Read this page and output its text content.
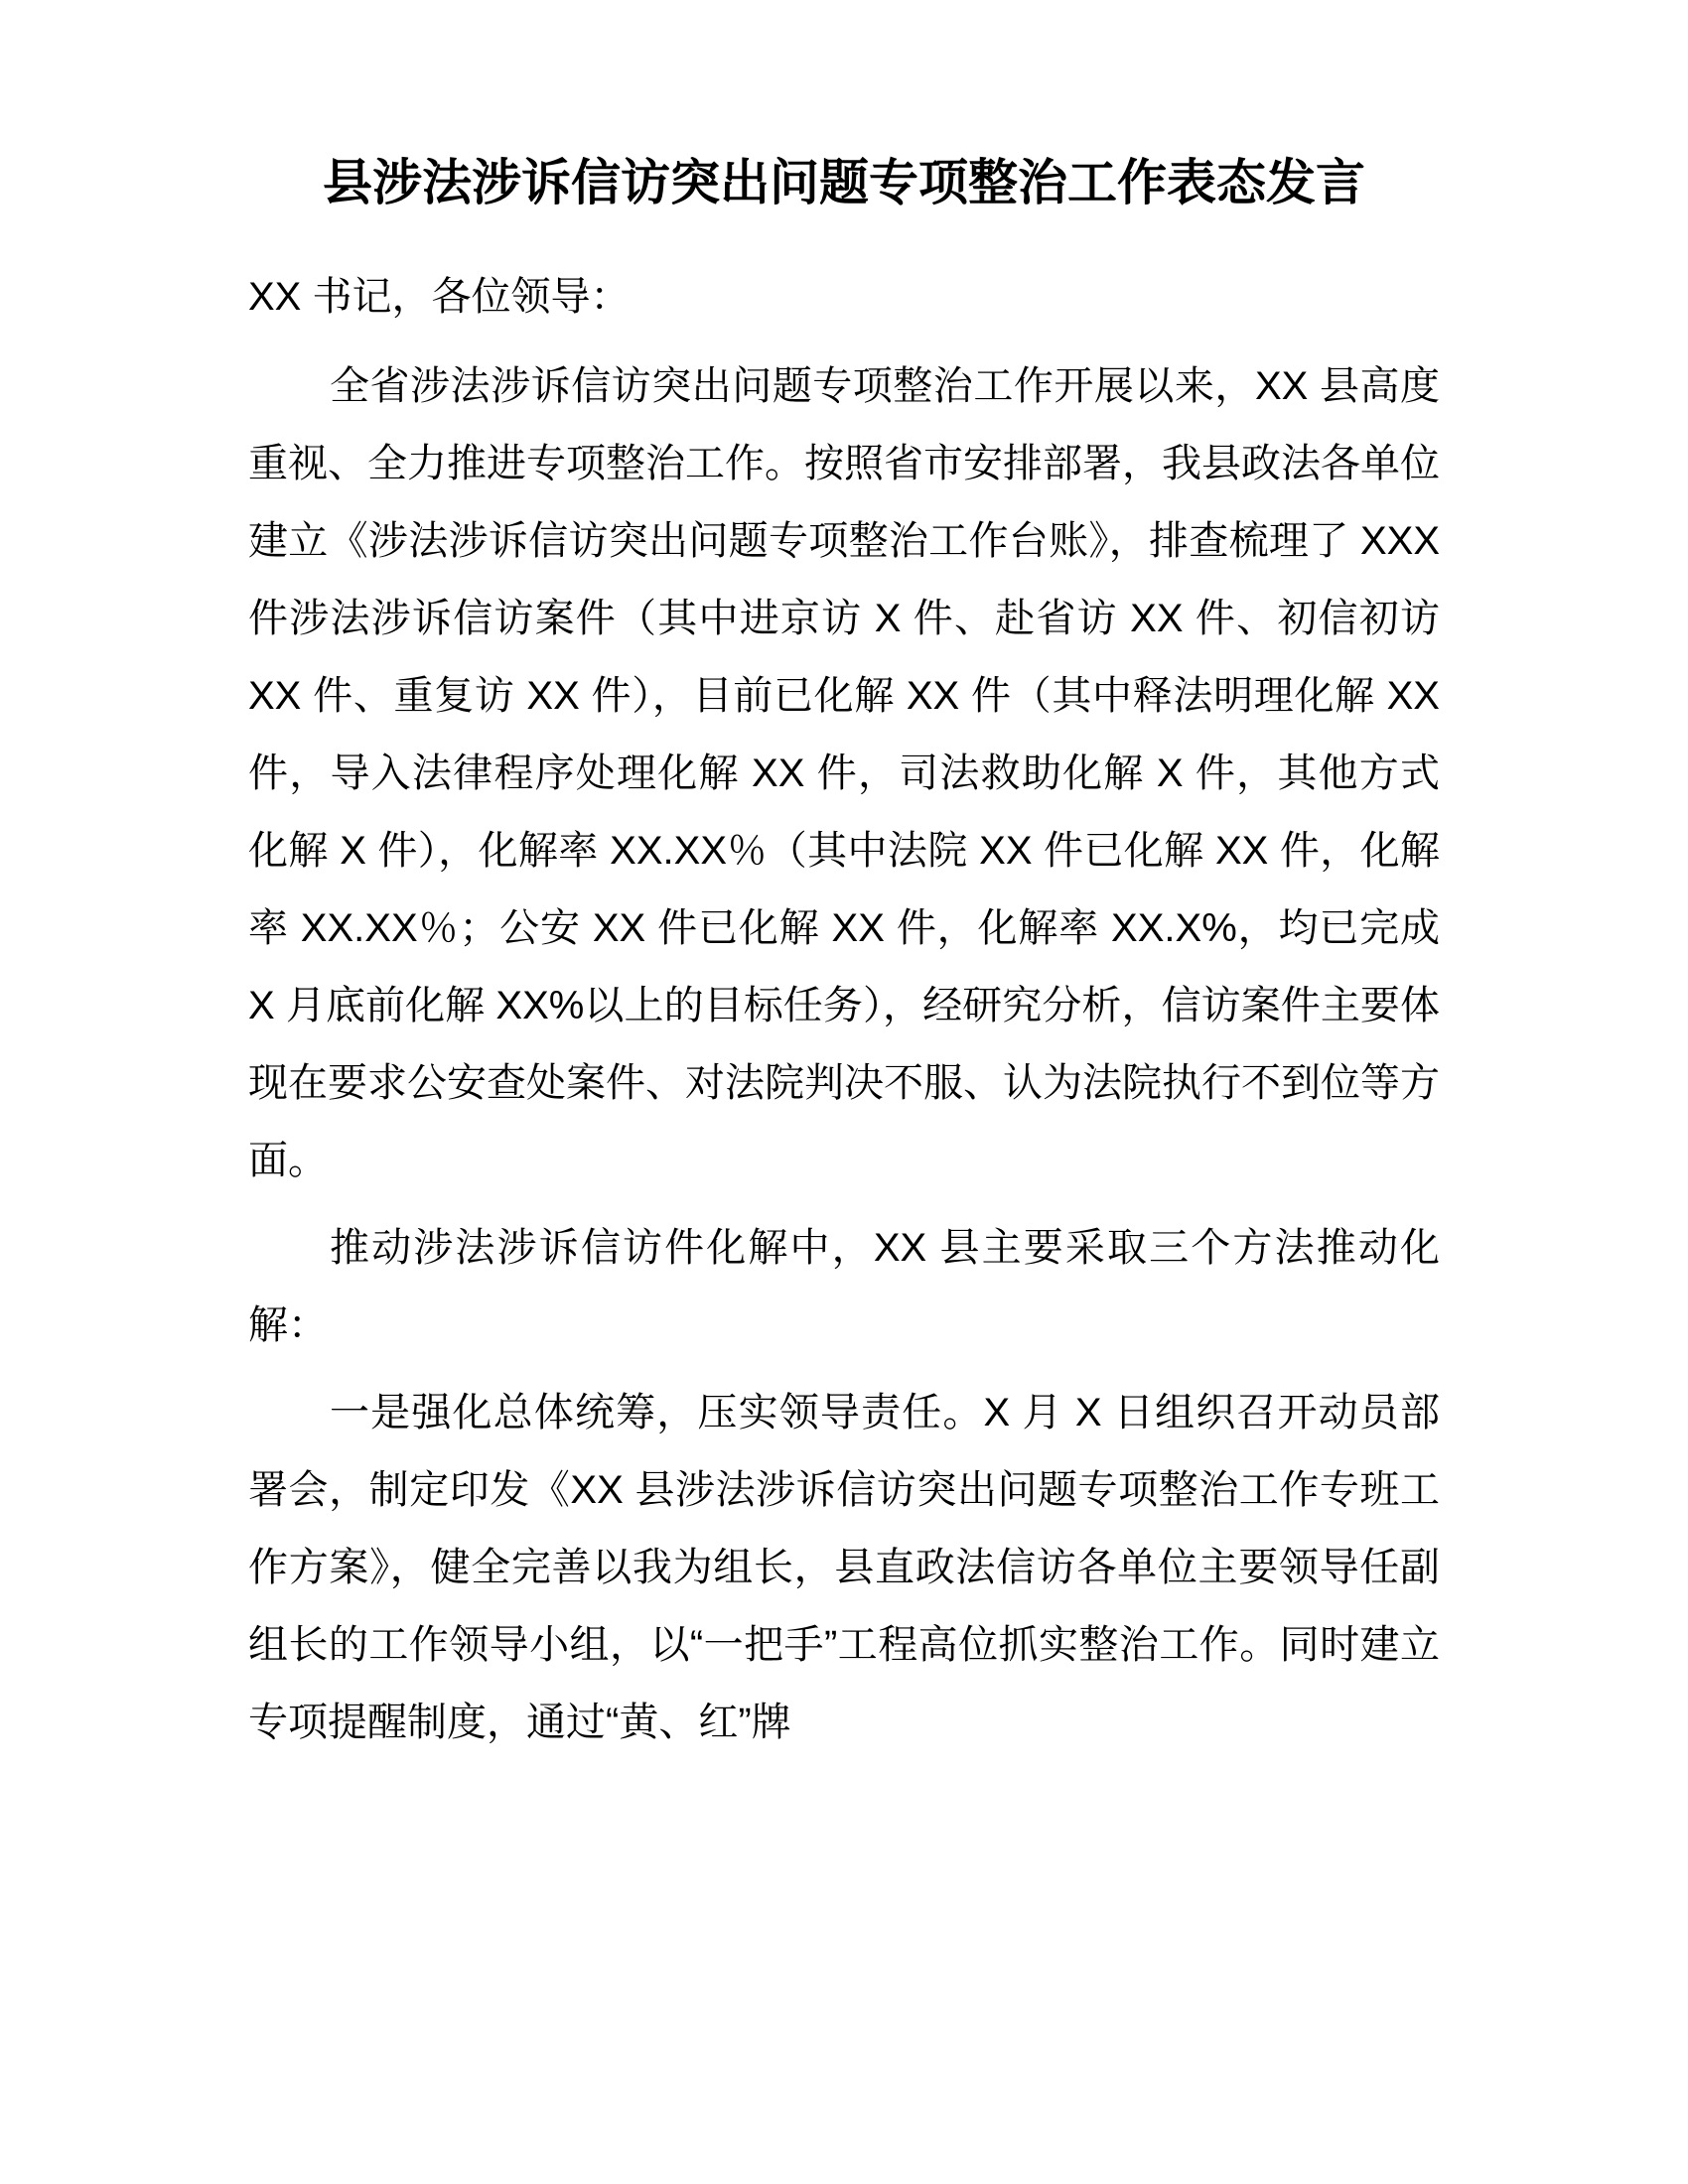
县涉法涉诉信访突出问题专项整治工作表态发言

XX 书记，各位领导：

全省涉法涉诉信访突出问题专项整治工作开展以来，XX 县高度重视、全力推进专项整治工作。按照省市安排部署，我县政法各单位建立《涉法涉诉信访突出问题专项整治工作台账》，排查梳理了 XXX 件涉法涉诉信访案件（其中进京访 X 件、赴省访 XX 件、初信初访 XX 件、重复访 XX 件），目前已化解 XX 件（其中释法明理化解 XX 件，导入法律程序处理化解 XX 件，司法救助化解 X 件，其他方式化解 X 件），化解率 XX.XX％（其中法院 XX 件已化解 XX 件，化解率 XX.XX％；公安 XX 件已化解 XX 件，化解率 XX.X%，均已完成 X 月底前化解 XX%以上的目标任务），经研究分析，信访案件主要体现在要求公安查处案件、对法院判决不服、认为法院执行不到位等方面。

推动涉法涉诉信访件化解中，XX 县主要采取三个方法推动化解：

一是强化总体统筹，压实领导责任。X 月 X 日组织召开动员部署会，制定印发《XX 县涉法涉诉信访突出问题专项整治工作专班工作方案》，健全完善以我为组长，县直政法信访各单位主要领导任副组长的工作领导小组，以“一把手”工程高位抓实整治工作。同时建立专项提醒制度，通过“黄、红”牌
